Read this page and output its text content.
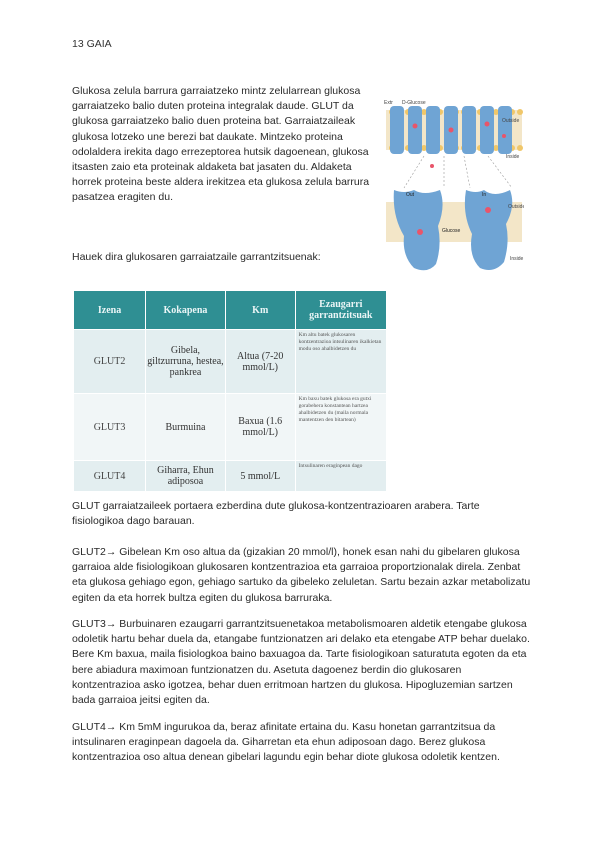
13 GAIA
Glukosa zelula barrura garraiatzeko mintz zelularrean glukosa garraiatzeko balio duten proteina integralak daude. GLUT da glukosa garraiatzeko balio duen proteina bat. Garraiatzaileak glukosa lotzeko une berezi bat daukate. Mintzeko proteina odolaldera irekita dago errezeptorea hutsik dagoenean, glukosa itsasten zaio eta proteinak aldaketa bat jasaten du. Aldaketa horrek proteina beste aldera irekitzea eta glukosa zelula barrura pasatzea eragiten du.
Extr D-Glucose
Outside
Inside
Out	In
Glucose
Outside
Inside
Hauek dira glukosaren garraiatzaile garrantzitsuenak:
Izena	Kokapena	Km	Ezaugarri garrantzitsuak
GLUT2	Gibela, giltzurruna, hestea, pankrea	Altua (7-20 mmol/L)	Km altu batek glukosaren kontzentrazioa intsulinaren ikalkietan modu oso ahalbidetzen du
GLUT3	Burmuina	Baxua (1.6 mmol/L)	Km baxu batek glukosa era gutxi gorabehera konstantean hartzea ahalbidetzen du (maila normala mantentzen den bitartean)
GLUT4	Giharra, Ehun adiposoa	5 mmol/L	Intsulinaren eraginpean dago
GLUT garraiatzaileek portaera ezberdina dute glukosa-kontzentrazioaren arabera. Tarte fisiologikoa dago barauan.
GLUT2→ Gibelean Km oso altua da (gizakian 20 mmol/l), honek esan nahi du gibelaren glukosa garraioa alde fisiologikoan glukosaren kontzentrazioa eta garraioa proportzionalak direla. Zenbat eta glukosa gehiago egon, gehiago sartuko da gibeleko zeluletan. Sartu bezain azkar metabolizatu egiten da eta horrek bultza egiten du glukosa barruraka.
GLUT3→ Burbuinaren ezaugarri garrantzitsuenetakoa metabolismoaren aldetik etengabe glukosa odoletik hartu behar duela da, etangabe funtzionatzen ari delako eta etengabe ATP behar duelako. Bere Km baxua, maila fisiologkoa baino baxuagoa da. Tarte fisiologikoan saturatuta egoten da eta bere abiadura maximoan funtzionatzen du. Asetuta dagoenez berdin dio glukosaren kontzentrazioa asko igotzea, behar duen erritmoan hartzen du glukosa. Hipogluzemian sartzen bada garraioa jeitsi egiten da.
GLUT4→ Km 5mM ingurukoa da, beraz afinitate ertaina du. Kasu honetan garrantzitsua da intsulinaren eraginpean dagoela da. Giharretan eta ehun adiposoan dago. Berez glukosa kontzentrazioa oso altua denean gibelari lagundu egin behar diote glukosa odoletik kentzen.
